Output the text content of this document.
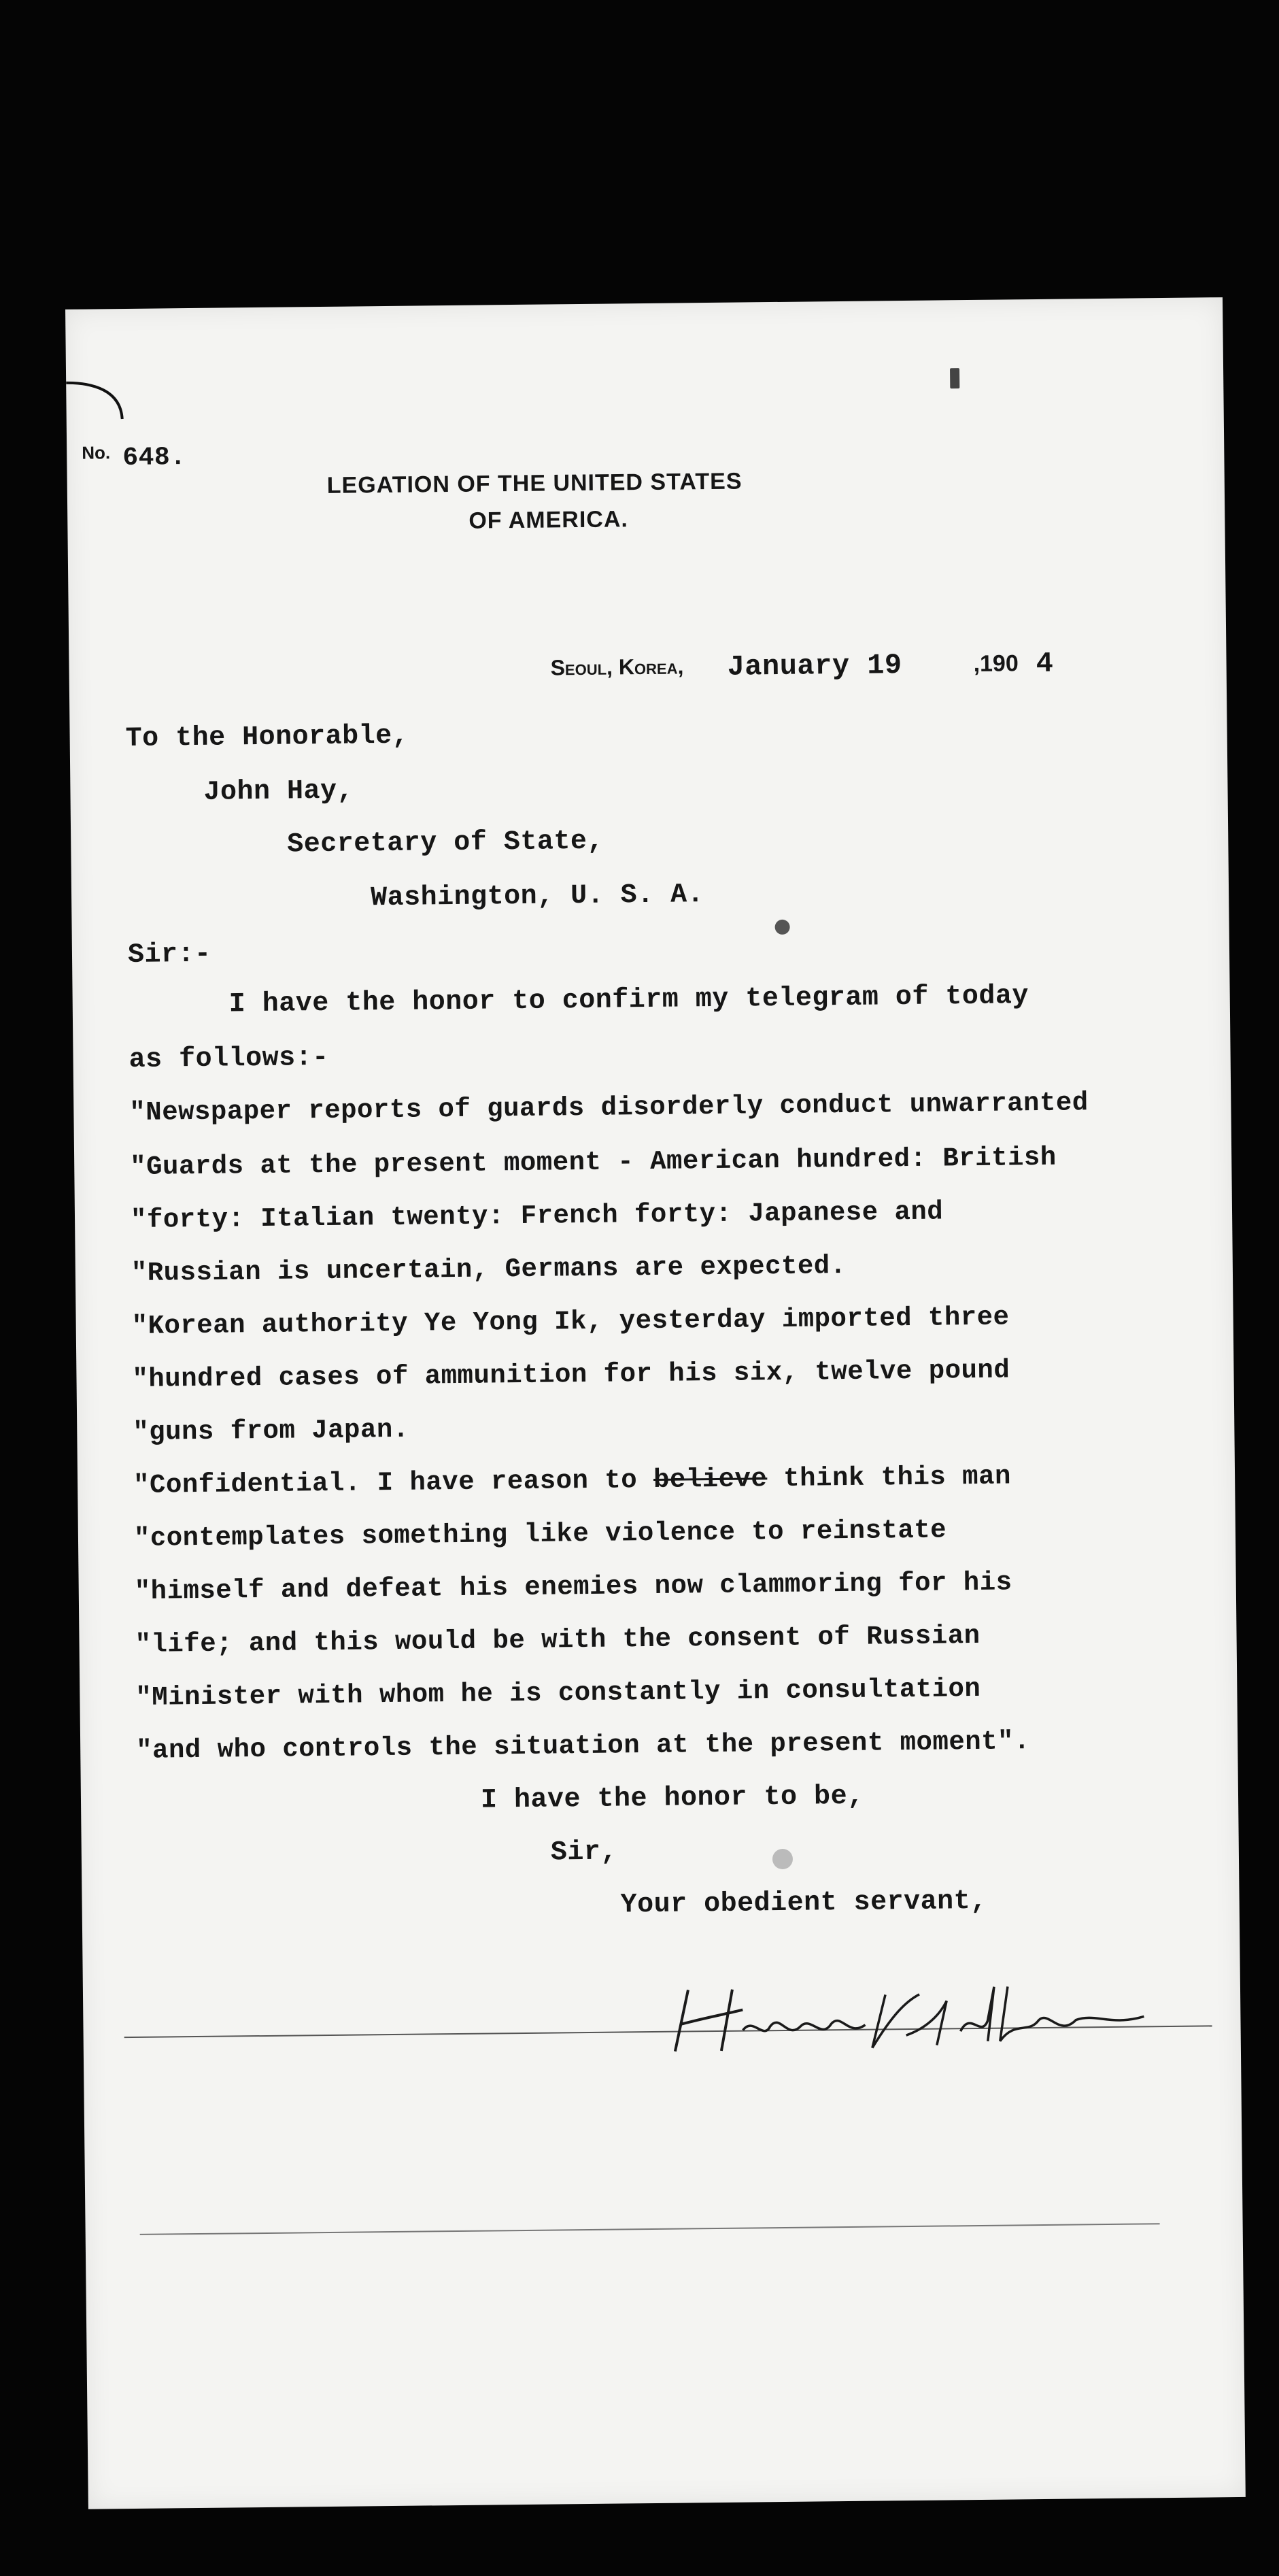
No. 648.
LEGATION OF THE UNITED STATES
OF AMERICA.
Seoul, Korea, January 19	,190 4
To the Honorable,
John Hay,
Secretary of State,
Washington, U. S. A.
Sir:-
I have the honor to confirm my telegram of today
as follows:-
"Newspaper reports of guards disorderly conduct unwarranted
"Guards at the present moment - American hundred: British
"forty: Italian twenty: French forty: Japanese and
"Russian is uncertain, Germans are expected.
"Korean authority Ye Yong Ik, yesterday imported three
"hundred cases of ammunition for his six, twelve pound
"guns from Japan.
"Confidential. I have reason to believe think this man
"contemplates something like violence to reinstate
"himself and defeat his enemies now clammoring for his
"life; and this would be with the consent of Russian
"Minister with whom he is constantly in consultation
"and who controls the situation at the present moment".
I have the honor to be,
Sir,
Your obedient servant,
